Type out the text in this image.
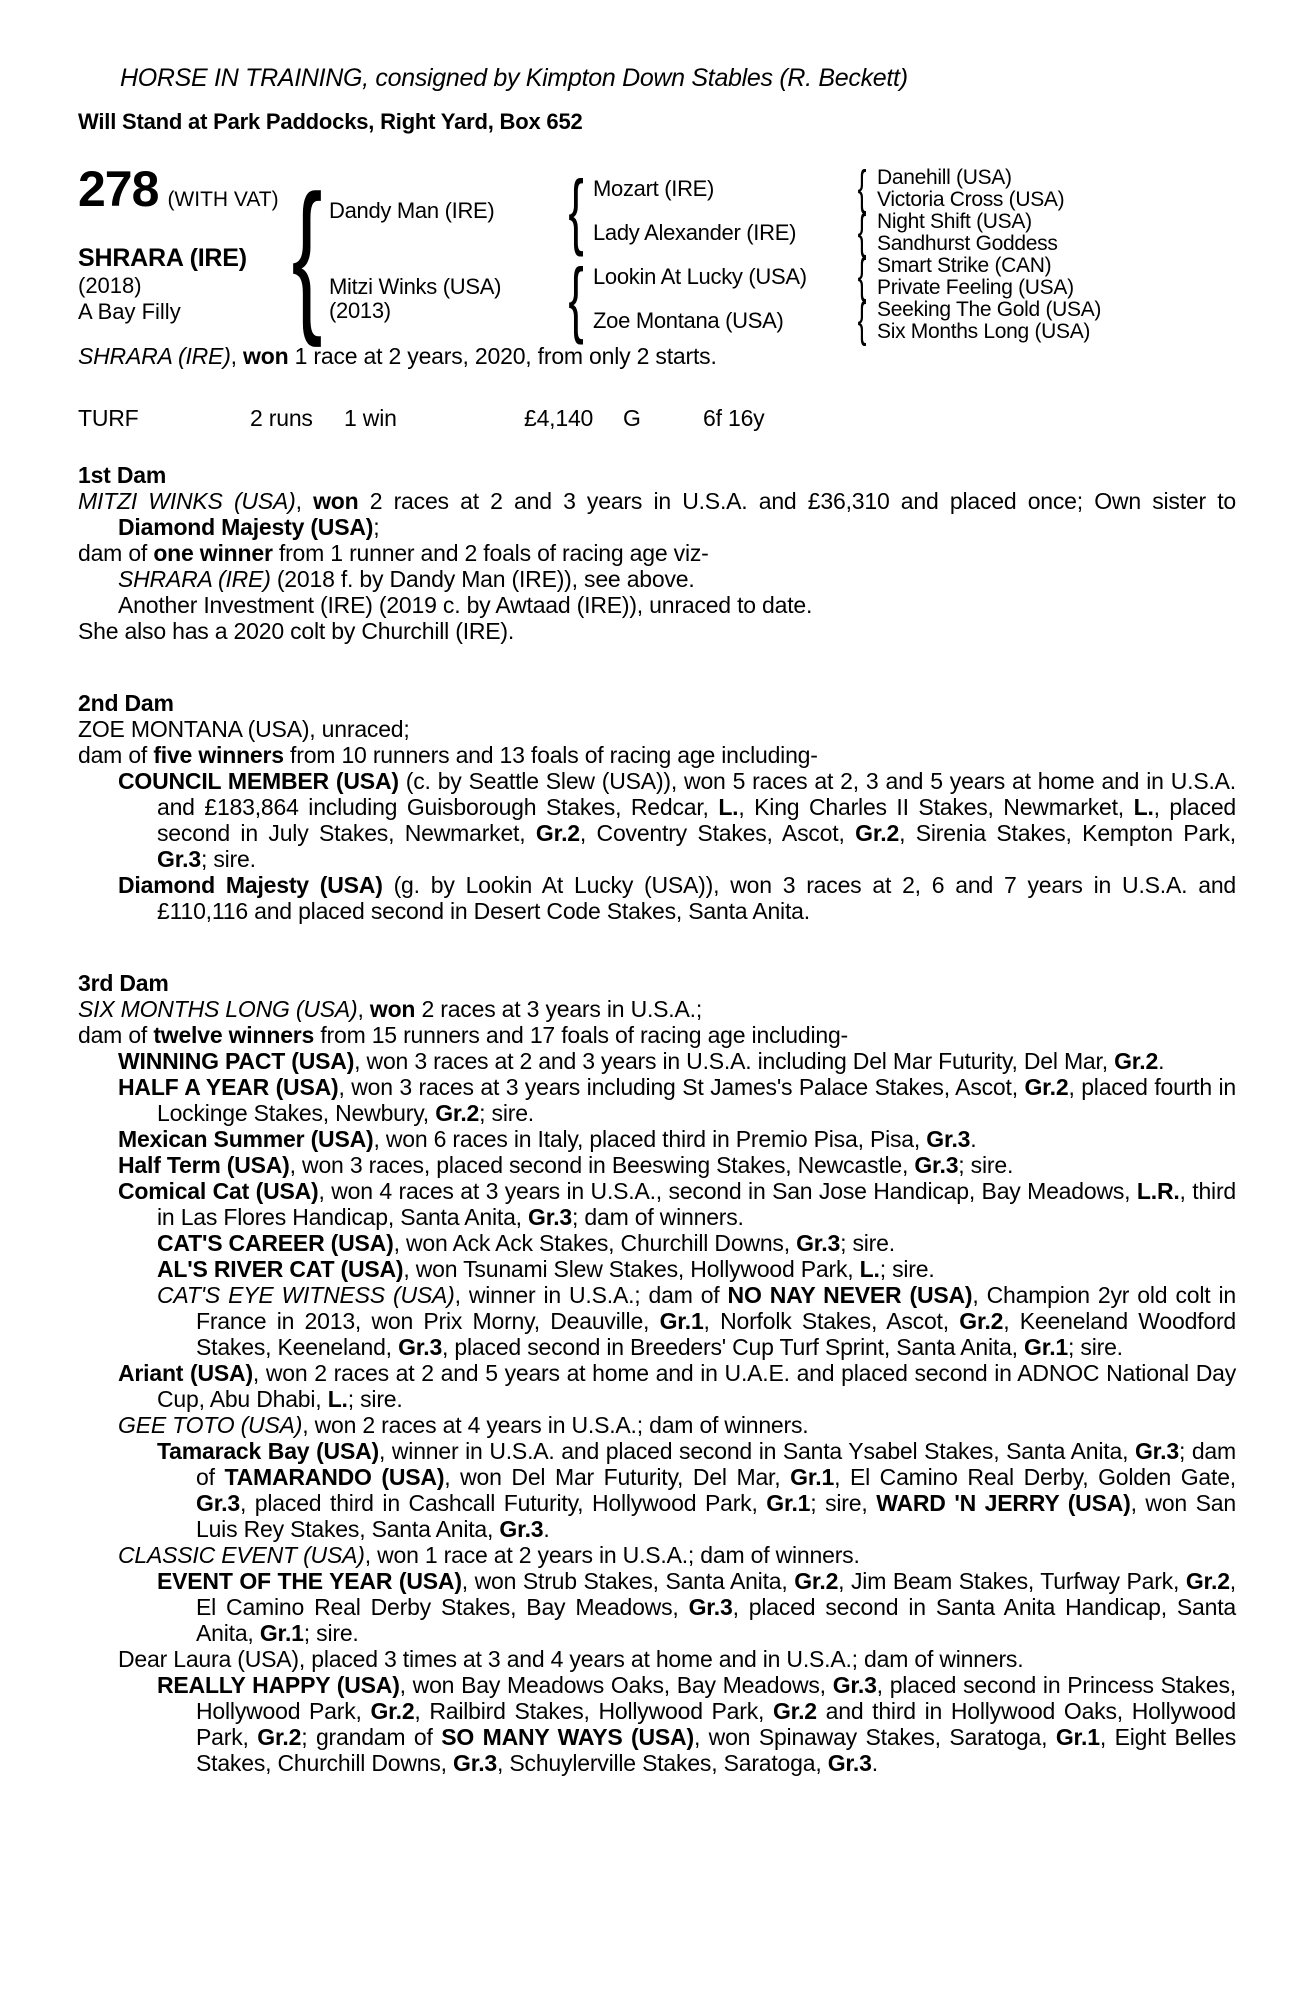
HORSE IN TRAINING, consigned by Kimpton Down Stables (R. Beckett)
Will Stand at Park Paddocks, Right Yard, Box 652
278 (WITH VAT)
SHRARA (IRE)
(2018)
A Bay Filly { Dandy Man (IRE)
Mitzi Winks (USA)
(2013)
{
{
Mozart (IRE)
Lady Alexander (IRE)
Lookin At Lucky (USA)
Zoe Montana (USA)
{
{
{
{
Danehill (USA)
Victoria Cross (USA)
Night Shift (USA)
Sandhurst Goddess
Smart Strike (CAN)
Private Feeling (USA)
Seeking The Gold (USA)
Six Months Long (USA)

SHRARA (IRE), won 1 race at 2 years, 2020, from only 2 starts.

TURF	2 runs	1 win	£4,140	G	6f 16y
1st Dam

MITZI WINKS (USA), won 2 races at 2 and 3 years in U.S.A. and £36,310 and placed once; Own sister to Diamond Majesty (USA);

dam of one winner from 1 runner and 2 foals of racing age viz-

SHRARA (IRE) (2018 f. by Dandy Man (IRE)), see above.

Another Investment (IRE) (2019 c. by Awtaad (IRE)), unraced to date.

She also has a 2020 colt by Churchill (IRE).

2nd Dam

ZOE MONTANA (USA), unraced;

dam of five winners from 10 runners and 13 foals of racing age including-

COUNCIL MEMBER (USA) (c. by Seattle Slew (USA)), won 5 races at 2, 3 and 5 years at home and in U.S.A. and £183,864 including Guisborough Stakes, Redcar, L., King Charles II Stakes, Newmarket, L., placed second in July Stakes, Newmarket, Gr.2, Coventry Stakes, Ascot, Gr.2, Sirenia Stakes, Kempton Park, Gr.3; sire.

Diamond Majesty (USA) (g. by Lookin At Lucky (USA)), won 3 races at 2, 6 and 7 years in U.S.A. and £110,116 and placed second in Desert Code Stakes, Santa Anita.

3rd Dam

SIX MONTHS LONG (USA), won 2 races at 3 years in U.S.A.;

dam of twelve winners from 15 runners and 17 foals of racing age including-

WINNING PACT (USA), won 3 races at 2 and 3 years in U.S.A. including Del Mar Futurity, Del Mar, Gr.2.

HALF A YEAR (USA), won 3 races at 3 years including St James's Palace Stakes, Ascot, Gr.2, placed fourth in Lockinge Stakes, Newbury, Gr.2; sire.

Mexican Summer (USA), won 6 races in Italy, placed third in Premio Pisa, Pisa, Gr.3.

Half Term (USA), won 3 races, placed second in Beeswing Stakes, Newcastle, Gr.3; sire.

Comical Cat (USA), won 4 races at 3 years in U.S.A., second in San Jose Handicap, Bay Meadows, L.R., third in Las Flores Handicap, Santa Anita, Gr.3; dam of winners.

CAT'S CAREER (USA), won Ack Ack Stakes, Churchill Downs, Gr.3; sire.

AL'S RIVER CAT (USA), won Tsunami Slew Stakes, Hollywood Park, L.; sire.

CAT'S EYE WITNESS (USA), winner in U.S.A.; dam of NO NAY NEVER (USA), Champion 2yr old colt in France in 2013, won Prix Morny, Deauville, Gr.1, Norfolk Stakes, Ascot, Gr.2, Keeneland Woodford Stakes, Keeneland, Gr.3, placed second in Breeders' Cup Turf Sprint, Santa Anita, Gr.1; sire.

Ariant (USA), won 2 races at 2 and 5 years at home and in U.A.E. and placed second in ADNOC National Day Cup, Abu Dhabi, L.; sire.

GEE TOTO (USA), won 2 races at 4 years in U.S.A.; dam of winners.

Tamarack Bay (USA), winner in U.S.A. and placed second in Santa Ysabel Stakes, Santa Anita, Gr.3; dam of TAMARANDO (USA), won Del Mar Futurity, Del Mar, Gr.1, El Camino Real Derby, Golden Gate, Gr.3, placed third in Cashcall Futurity, Hollywood Park, Gr.1; sire, WARD 'N JERRY (USA), won San Luis Rey Stakes, Santa Anita, Gr.3.

CLASSIC EVENT (USA), won 1 race at 2 years in U.S.A.; dam of winners.

EVENT OF THE YEAR (USA), won Strub Stakes, Santa Anita, Gr.2, Jim Beam Stakes, Turfway Park, Gr.2, El Camino Real Derby Stakes, Bay Meadows, Gr.3, placed second in Santa Anita Handicap, Santa Anita, Gr.1; sire.

Dear Laura (USA), placed 3 times at 3 and 4 years at home and in U.S.A.; dam of winners.

REALLY HAPPY (USA), won Bay Meadows Oaks, Bay Meadows, Gr.3, placed second in Princess Stakes, Hollywood Park, Gr.2, Railbird Stakes, Hollywood Park, Gr.2 and third in Hollywood Oaks, Hollywood Park, Gr.2; grandam of SO MANY WAYS (USA), won Spinaway Stakes, Saratoga, Gr.1, Eight Belles Stakes, Churchill Downs, Gr.3, Schuylerville Stakes, Saratoga, Gr.3.
